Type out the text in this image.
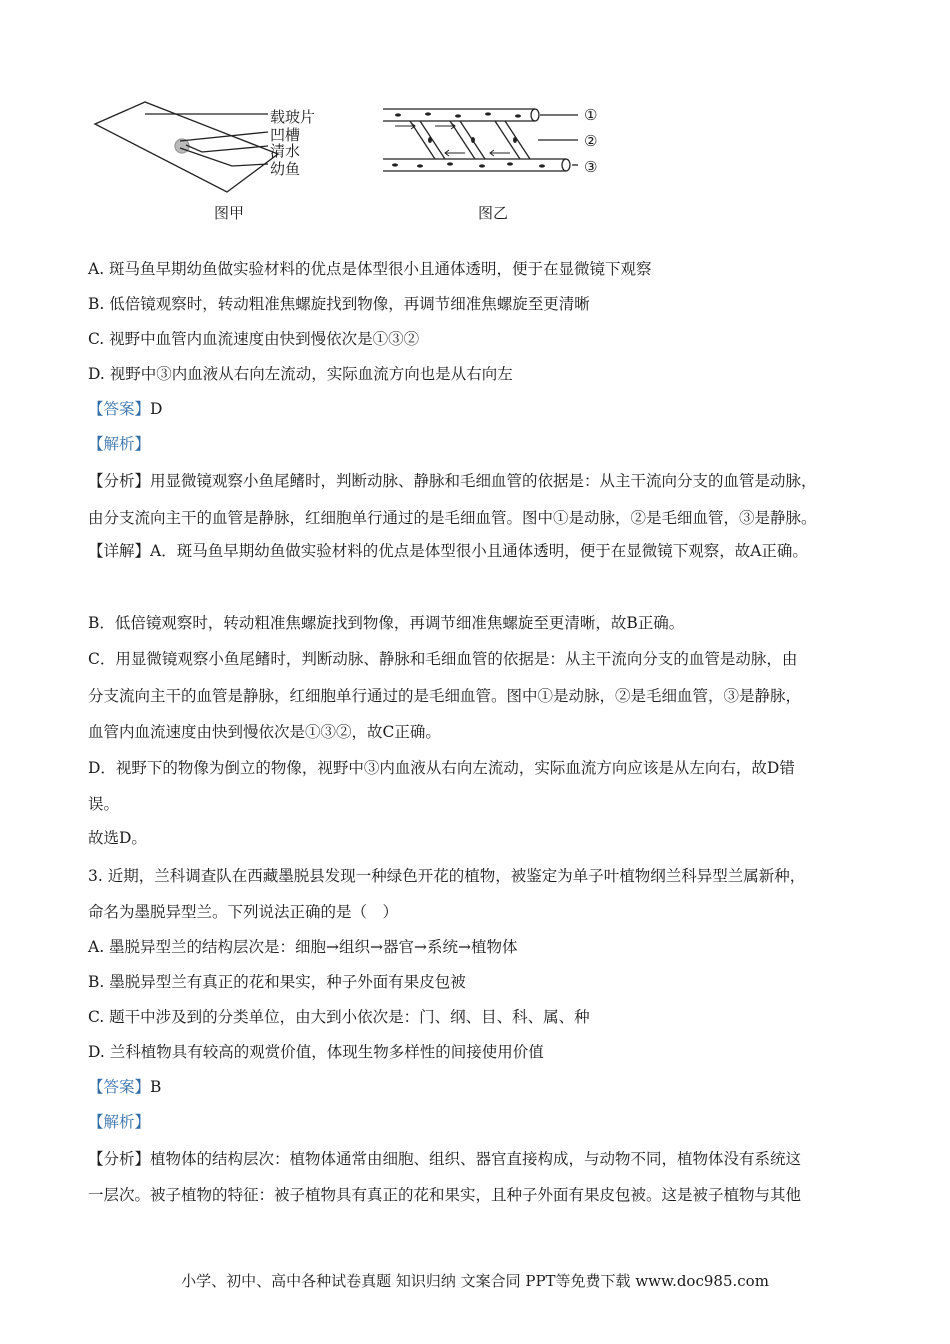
载玻片
凹槽
清水
幼鱼
图甲
①
②
③
图乙
A. 斑马鱼早期幼鱼做实验材料的优点是体型很小且通体透明，便于在显微镜下观察
B. 低倍镜观察时，转动粗准焦螺旋找到物像，再调节细准焦螺旋至更清晰
C. 视野中血管内血流速度由快到慢依次是①③②
D. 视野中③内血液从右向左流动，实际血流方向也是从右向左
【答案】D
【解析】
【分析】用显微镜观察小鱼尾鳍时，判断动脉、静脉和毛细血管的依据是：从主干流向分支的血管是动脉，
由分支流向主干的血管是静脉，红细胞单行通过的是毛细血管。图中①是动脉，②是毛细血管，③是静脉。
【详解】A．斑马鱼早期幼鱼做实验材料的优点是体型很小且通体透明，便于在显微镜下观察，故A正确。
B．低倍镜观察时，转动粗准焦螺旋找到物像，再调节细准焦螺旋至更清晰，故B正确。
C．用显微镜观察小鱼尾鳍时，判断动脉、静脉和毛细血管的依据是：从主干流向分支的血管是动脉，由
分支流向主干的血管是静脉，红细胞单行通过的是毛细血管。图中①是动脉，②是毛细血管，③是静脉，
血管内血流速度由快到慢依次是①③②，故C正确。
D．视野下的物像为倒立的物像，视野中③内血液从右向左流动，实际血流方向应该是从左向右，故D错
误。
故选D。
3. 近期，兰科调查队在西藏墨脱县发现一种绿色开花的植物，被鉴定为单子叶植物纲兰科异型兰属新种，
命名为墨脱异型兰。下列说法正确的是（　）
A. 墨脱异型兰的结构层次是：细胞→组织→器官→系统→植物体
B. 墨脱异型兰有真正的花和果实，种子外面有果皮包被
C. 题干中涉及到的分类单位，由大到小依次是：门、纲、目、科、属、种
D. 兰科植物具有较高的观赏价值，体现生物多样性的间接使用价值
【答案】B
【解析】
【分析】植物体的结构层次：植物体通常由细胞、组织、器官直接构成，与动物不同，植物体没有系统这
一层次。被子植物的特征：被子植物具有真正的花和果实，且种子外面有果皮包被。这是被子植物与其他
小学、初中、高中各种试卷真题 知识归纳 文案合同 PPT等免费下载 www.doc985.com
